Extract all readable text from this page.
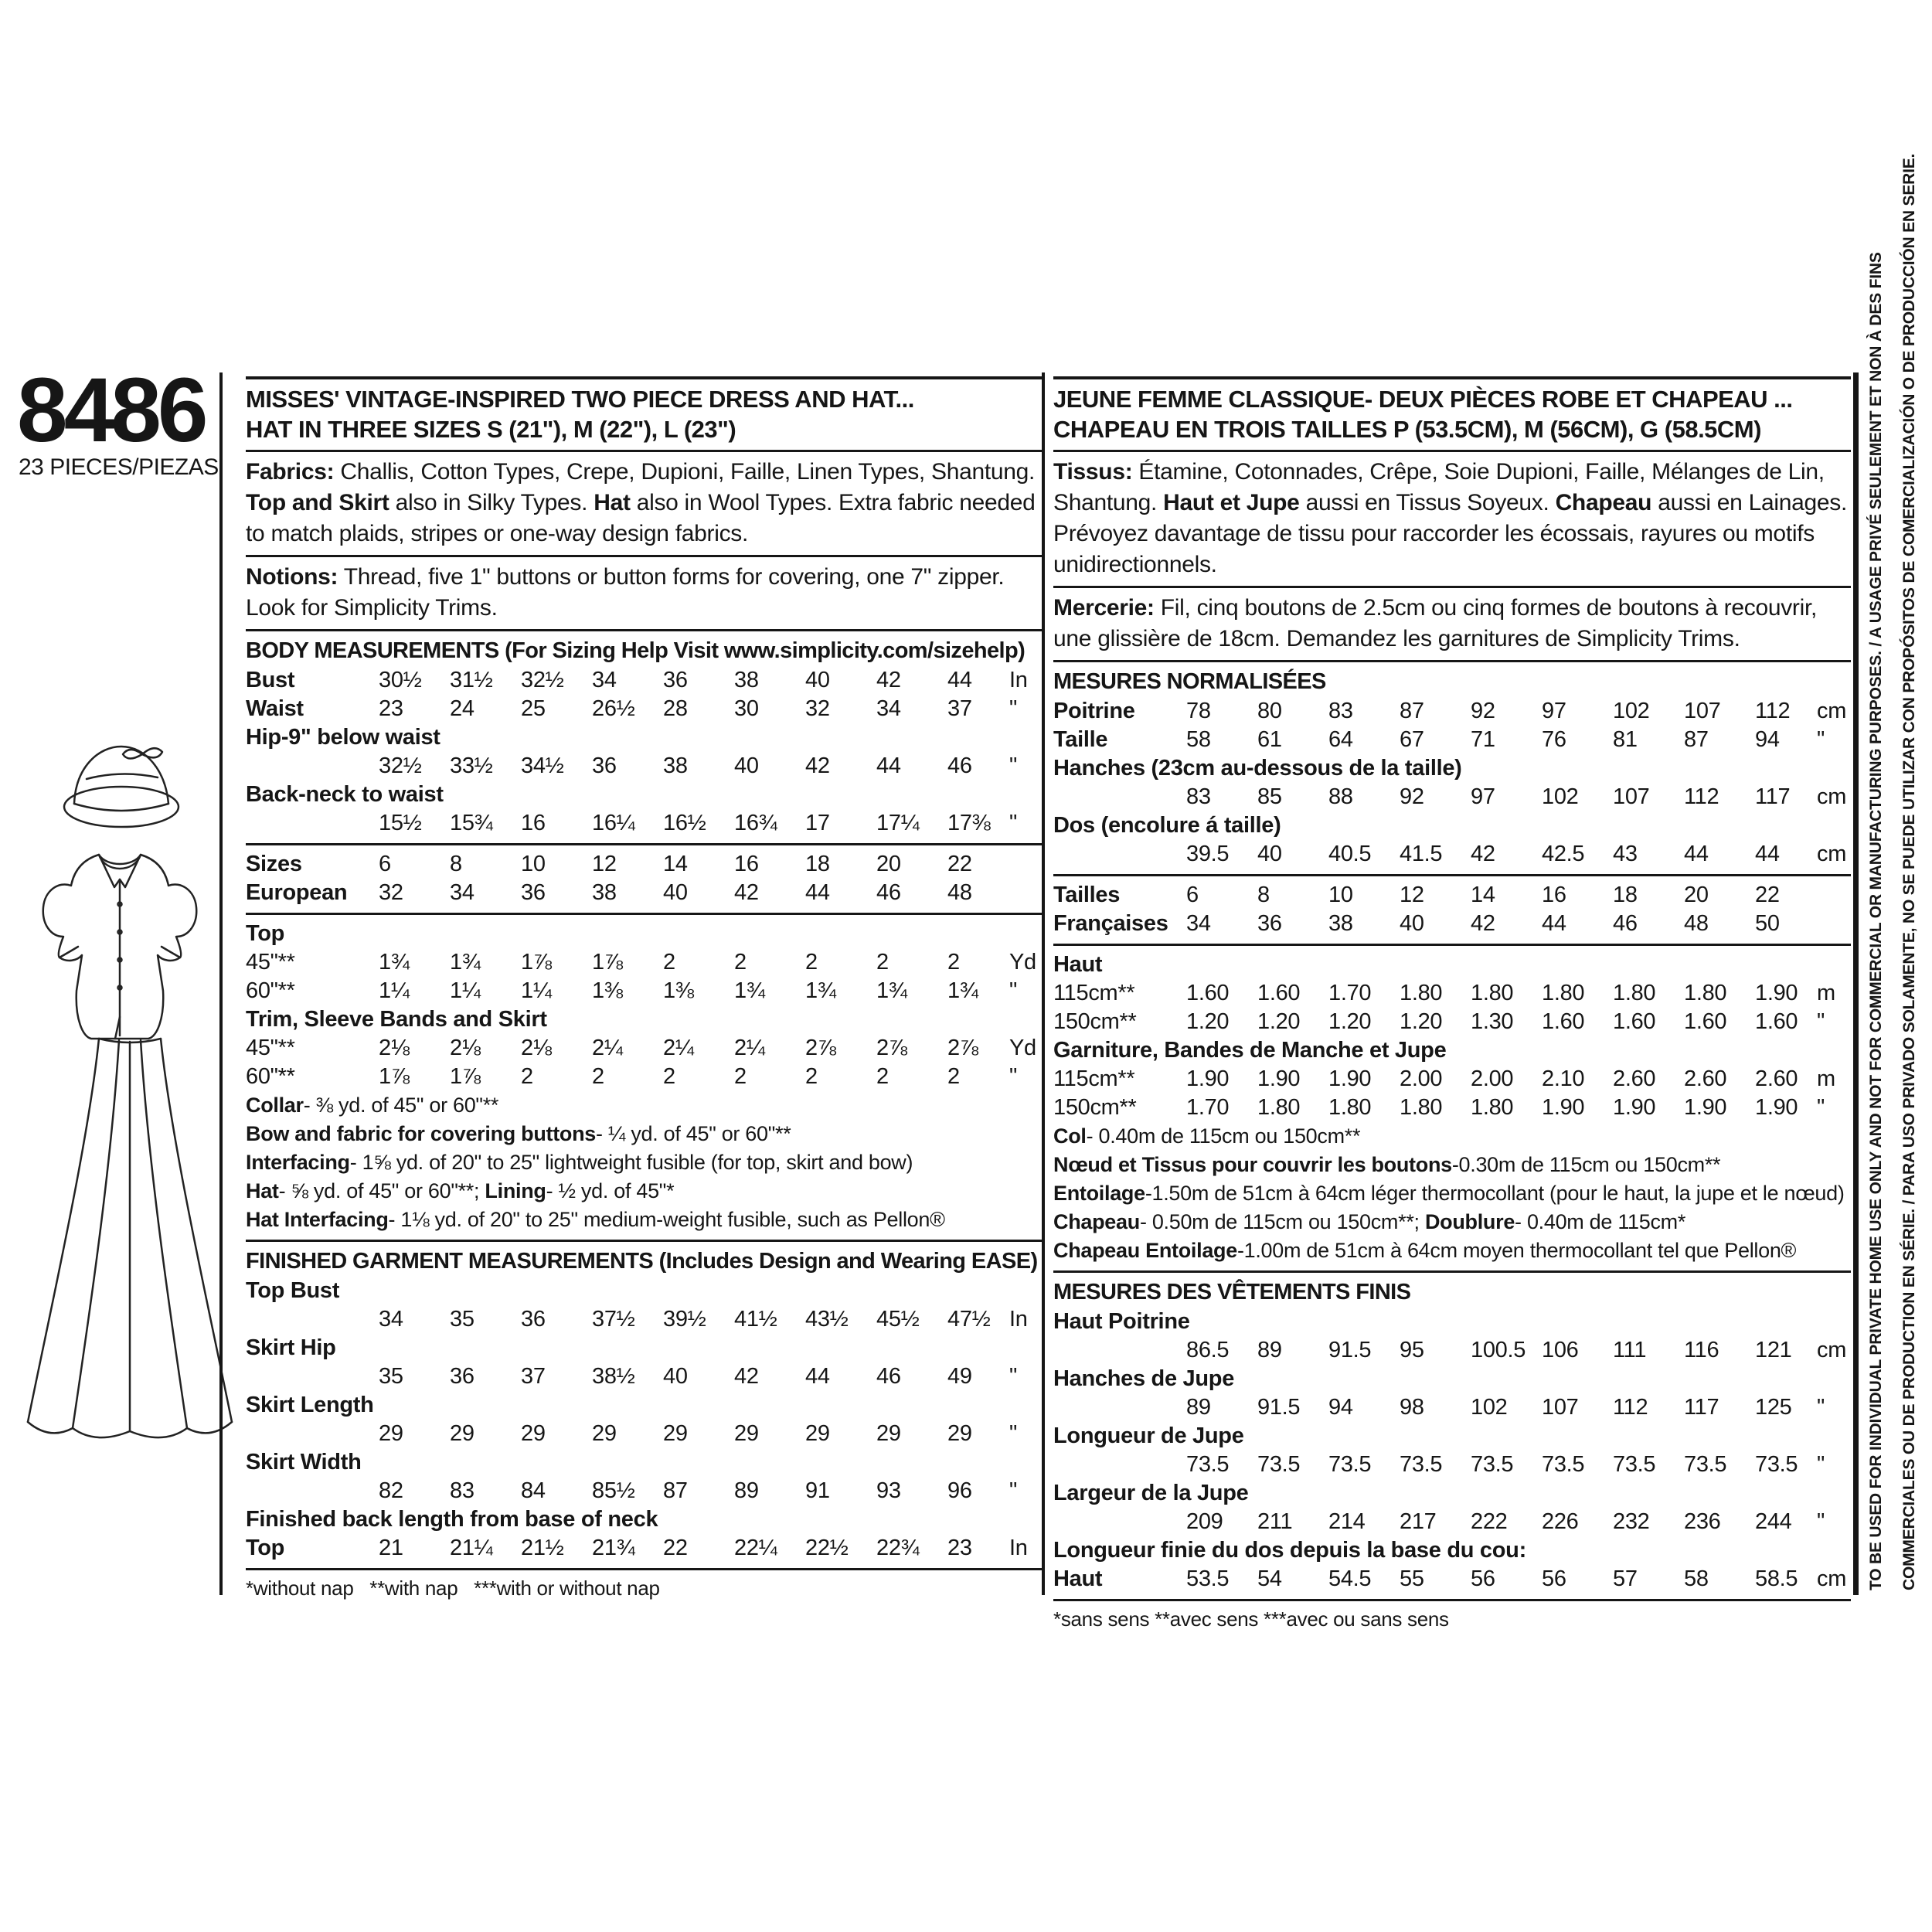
8486
23 PIECES/PIEZAS
MISSES' VINTAGE-INSPIRED TWO PIECE DRESS AND HAT...
HAT IN THREE SIZES S (21"), M (22"), L (23")

Fabrics: Challis, Cotton Types, Crepe, Dupioni, Faille, Linen Types, Shantung. Top and Skirt also in Silky Types. Hat also in Wool Types. Extra fabric needed to match plaids, stripes or one-way design fabrics.

Notions: Thread, five 1" buttons or button forms for covering, one 7" zipper. Look for Simplicity Trims.

BODY MEASUREMENTS (For Sizing Help Visit www.simplicity.com/sizehelp)
Bust	30½	31½	32½	34	36	38	40	42	44	In
Waist	23	24	25	26½	28	30	32	34	37	"
Hip-9" below waist
32½	33½	34½	36	38	40	42	44	46	"
Back-neck to waist
15½	15¾	16	16¼	16½	16¾	17	17¼	17⅜ "
Sizes	6	8	10	12	14	16	18	20	22
European 32	34	36	38	40	42	44	46	48
Top
45"**	1¾	1¾	1⅞	1⅞	2	2	2	2	2	Yd
60"**	1¼	1¼	1¼	1⅜	1⅜	1¾	1¾	1¾	1¾	"
Trim, Sleeve Bands and Skirt
45"**	2⅛	2⅛	2⅛	2¼	2¼	2¼	2⅞	2⅞	2⅞	Yd
60"**	1⅞	1⅞	2	2	2	2	2	2	2	"
Collar- ⅜ yd. of 45" or 60"**
Bow and fabric for covering buttons- ¼ yd. of 45" or 60"**
Interfacing- 1⅝ yd. of 20" to 25" lightweight fusible (for top, skirt and bow)
Hat- ⅝ yd. of 45" or 60"**; Lining- ½ yd. of 45"*
Hat Interfacing- 1⅛ yd. of 20" to 25" medium-weight fusible, such as Pellon®
FINISHED GARMENT MEASUREMENTS (Includes Design and Wearing EASE)
Top Bust
34	35	36	37½	39½	41½	43½	45½	47½ In
Skirt Hip
35	36	37	38½	40	42	44	46	49	"
Skirt Length
29	29	29	29	29	29	29	29	29	"
Skirt Width
82	83	84	85½	87	89	91	93	96	"
Finished back length from base of neck
Top	21	21¼	21½	21¾	22	22¼	22½	22¾	23	In
*without nap   **with nap   ***with or without nap
JEUNE FEMME CLASSIQUE- DEUX PIÈCES ROBE ET CHAPEAU ...
CHAPEAU EN TROIS TAILLES P (53.5CM), M (56CM), G (58.5CM)

Tissus: Étamine, Cotonnades, Crêpe, Soie Dupioni, Faille, Mélanges de Lin, Shantung. Haut et Jupe aussi en Tissus Soyeux. Chapeau aussi en Lainages. Prévoyez davantage de tissu pour raccorder les écossais, rayures ou motifs unidirectionnels.

Mercerie: Fil, cinq boutons de 2.5cm ou cinq formes de boutons à recouvrir, une glissière de 18cm. Demandez les garnitures de Simplicity Trims.

MESURES NORMALISÉES
Poitrine 78	80	83	87	92	97	102	107	112	cm
Taille	58	61	64	67	71	76	81	87	94	"
Hanches (23cm au-dessous de la taille)
83	85	88	92	97	102	107	112	117	cm
Dos (encolure á taille)
39.5	40	40.5	41.5	42	42.5	43	44	44	cm
Tailles	6	8	10	12	14	16	18	20	22
Françaises 34	36	38	40	42	44	46	48	50
Haut
115cm** 1.60	1.60	1.70	1.80	1.80	1.80	1.80	1.80	1.90 m
150cm** 1.20	1.20	1.20	1.20	1.30	1.60	1.60	1.60	1.60 "
Garniture, Bandes de Manche et Jupe
115cm** 1.90	1.90	1.90	2.00	2.00	2.10	2.60	2.60	2.60 m
150cm** 1.70	1.80	1.80	1.80	1.80	1.90	1.90	1.90	1.90 "
Col- 0.40m de 115cm ou 150cm**
Nœud et Tissus pour couvrir les boutons-0.30m de 115cm ou 150cm**
Entoilage-1.50m de 51cm à 64cm léger thermocollant (pour le haut, la jupe et le nœud)
Chapeau- 0.50m de 115cm ou 150cm**; Doublure- 0.40m de 115cm*
Chapeau Entoilage-1.00m de 51cm à 64cm moyen thermocollant tel que Pellon®
MESURES DES VÊTEMENTS FINIS
Haut Poitrine
86.5	89	91.5	95	100.5 106	111	116	121	cm
Hanches de Jupe
89	91.5	94	98	102	107	112	117	125	"
Longueur de Jupe
73.5	73.5	73.5	73.5	73.5	73.5	73.5	73.5	73.5 "
Largeur de la Jupe
209	211	214	217	222	226	232	236	244	"
Longueur finie du dos depuis la base du cou:
Haut	53.5	54	54.5	55	56	56	57	58	58.5 cm
*sans sens **avec sens ***avec ou sans sens
TO BE USED FOR INDIVIDUAL PRIVATE HOME USE ONLY AND NOT FOR COMMERCIAL OR MANUFACTURING PURPOSES. / A USAGE PRIVÉ SEULEMENT ET NON À DES FINS COMMERCIALES OU DE PRODUCTION EN SÉRIE. / PARA USO PRIVADO SOLAMENTE, NO SE PUEDE UTILIZAR CON PROPÓSITOS DE COMERCIALIZACIÓN O DE PRODUCCIÓN EN SERIE.
